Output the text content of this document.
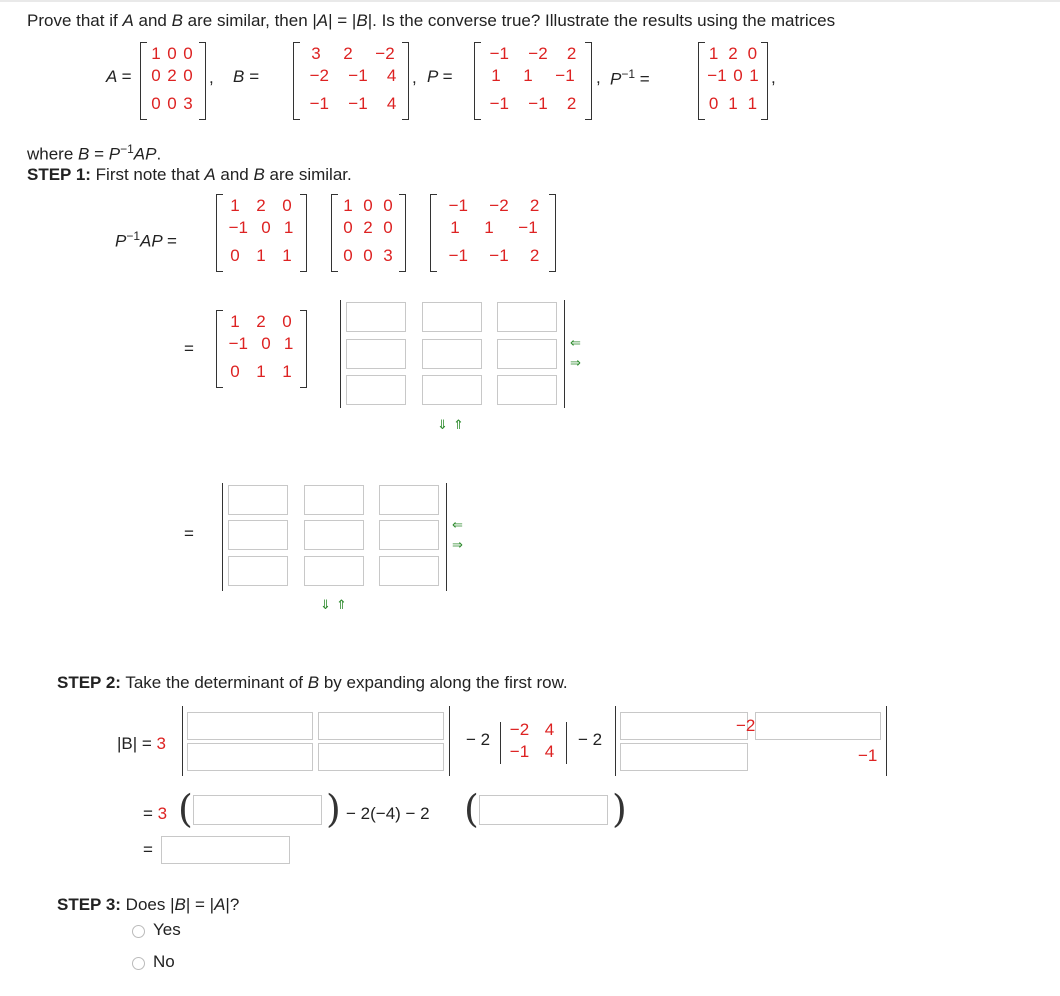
Prove that if A and B are similar, then |A| = |B|. Is the converse true? Illustrate the results using the matrices
A =
1 0 0
0 2 0
0 0 3
, B =
3 2 −2
−2 −1 4
−1 −1 4
, P =
−1 −2 2
1 1 −1
−1 −1 2
, $P^{-1}$ =
1 2 0
−1 0 1
0 1 1
,
where $B = P^{-1}AP$.
STEP 1: First note that A and B are similar.
$P^{-1}AP$ =
1 2 0
−1 0 1
0 1 1
1 0 0
0 2 0
0 0 3
−1 −2 2
1 1 −1
−1 −1 2
=
1 2 0
−1 0 1
0 1 1
⇐
⇒
⇓ ⇑
=	⇐
⇒
⇓ ⇑
STEP 2: Take the determinant of B by expanding along the first row.
|B| = 3	− 2
−2 4
−1 4
− 2
−2
−1
= 3 (	) − 2(−4) − 2 (	)
=
STEP 3: Does |B| = |A|?
Yes
No
